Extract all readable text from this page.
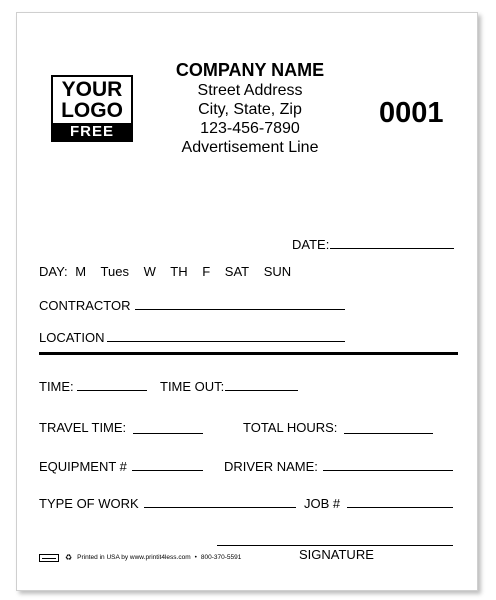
YOUR
LOGO
FREE
COMPANY NAME
Street Address
City, State, Zip
123-456-7890
Advertisement Line
0001
DATE:
DAY: M Tues W TH F SAT SUN
CONTRACTOR
LOCATION
TIME:	TIME OUT:
TRAVEL TIME:	TOTAL HOURS:
EQUIPMENT #	DRIVER NAME:
TYPE OF WORK	JOB #
SIGNATURE
♻ Printed in USA by www.printit4less.com • 800-370-5591
